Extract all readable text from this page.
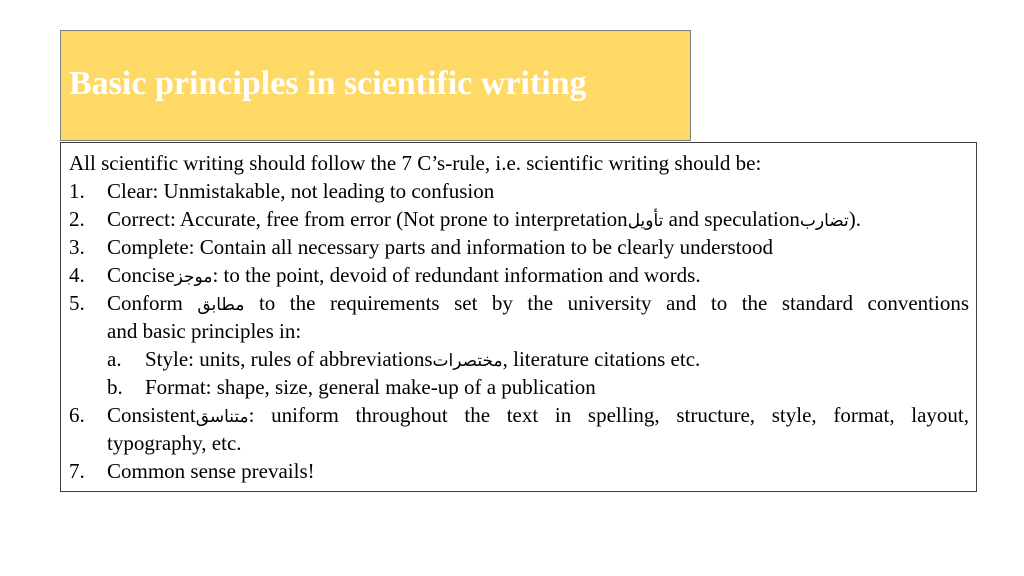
Basic principles in scientific writing
All scientific writing should follow the 7 C’s-rule, i.e. scientific writing should be:
1. Clear: Unmistakable, not leading to confusion
2. Correct: Accurate, free from error (Not prone to interpretationتأويل and speculationتضارب).
3. Complete: Contain all necessary parts and information to be clearly understood
4. Conciseموجز: to the point, devoid of redundant information and words.
5. Conform مطابق to the requirements set by the university and to the standard conventions
and basic principles in:
a. Style: units, rules of abbreviationsمختصرات, literature citations etc.
b. Format: shape, size, general make-up of a publication
6. Consistentمتناسق: uniform throughout the text in spelling, structure, style, format, layout,
typography, etc.
7. Common sense prevails!
